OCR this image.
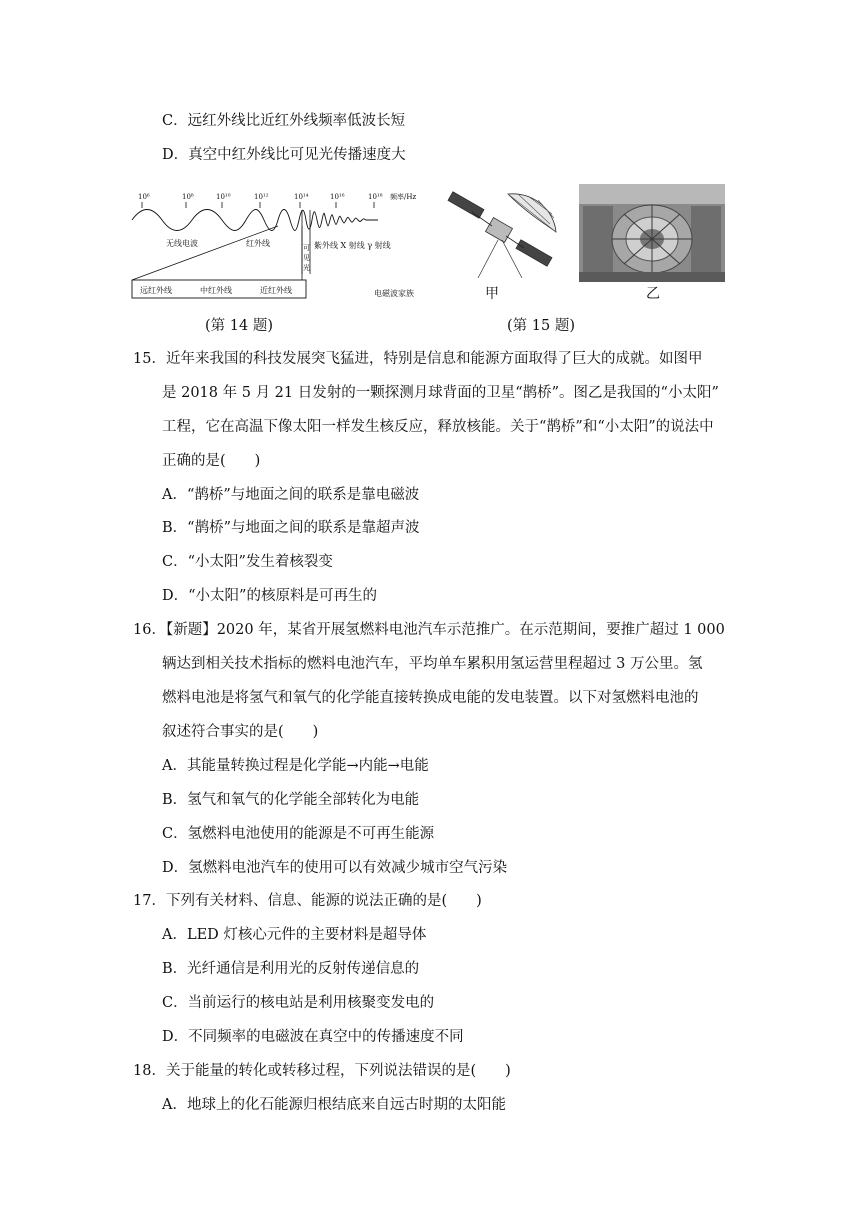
C．远红外线比近红外线频率低波长短
D．真空中红外线比可见光传播速度大
10⁶	10⁸	10¹⁰	10¹²	10¹⁴	10¹⁶	10¹⁸ 频率/Hz
无线电波	红外线	紫外线 X 射线 γ 射线
电磁波家族
可
见
光
远红外线	中红外线	近红外线	甲	乙
(第 14 题)	(第 15 题)
15．近年来我国的科技发展突飞猛进，特别是信息和能源方面取得了巨大的成就。如图甲
是 2018 年 5 月 21 日发射的一颗探测月球背面的卫星“鹊桥”。图乙是我国的“小太阳”
工程，它在高温下像太阳一样发生核反应，释放核能。关于“鹊桥”和“小太阳”的说法中
正确的是(　　)
A．“鹊桥”与地面之间的联系是靠电磁波
B．“鹊桥”与地面之间的联系是靠超声波
C．“小太阳”发生着核裂变
D．“小太阳”的核原料是可再生的
16．【新题】2020 年，某省开展氢燃料电池汽车示范推广。在示范期间，要推广超过 1 000
辆达到相关技术指标的燃料电池汽车，平均单车累积用氢运营里程超过 3 万公里。氢
燃料电池是将氢气和氧气的化学能直接转换成电能的发电装置。以下对氢燃料电池的
叙述符合事实的是(　　)
A．其能量转换过程是化学能→内能→电能
B．氢气和氧气的化学能全部转化为电能
C．氢燃料电池使用的能源是不可再生能源
D．氢燃料电池汽车的使用可以有效减少城市空气污染
17．下列有关材料、信息、能源的说法正确的是(　　)
A．LED 灯核心元件的主要材料是超导体
B．光纤通信是利用光的反射传递信息的
C．当前运行的核电站是利用核聚变发电的
D．不同频率的电磁波在真空中的传播速度不同
18．关于能量的转化或转移过程，下列说法错误的是(　　)
A．地球上的化石能源归根结底来自远古时期的太阳能
